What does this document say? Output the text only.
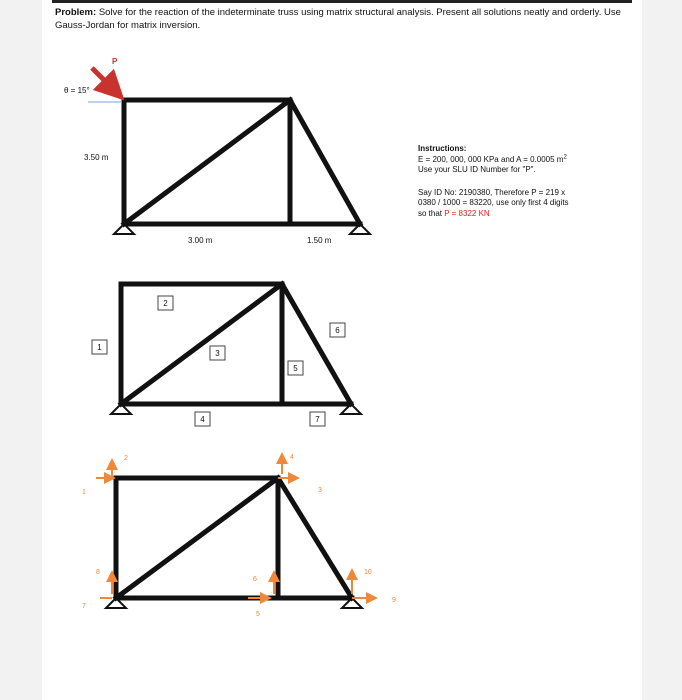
Problem: Solve for the reaction of the indeterminate truss using matrix structural analysis. Present all solutions neatly and orderly. Use Gauss-Jordan for matrix inversion.
Instructions:
E = 200, 000, 000 KPa and A = 0.0005 $m^2$
Use your SLU ID Number for "P".
Say ID No: 2190380, Therefore P = 219 x
0380 / 1000 = 83220, use only first 4 digits
so that P = 8322 KN
P
θ = 15°
3.50 m
3.00 m	1.50 m
1
2
3
4
5
6
7
1
2
3
4
5
6
7
8
9
10
